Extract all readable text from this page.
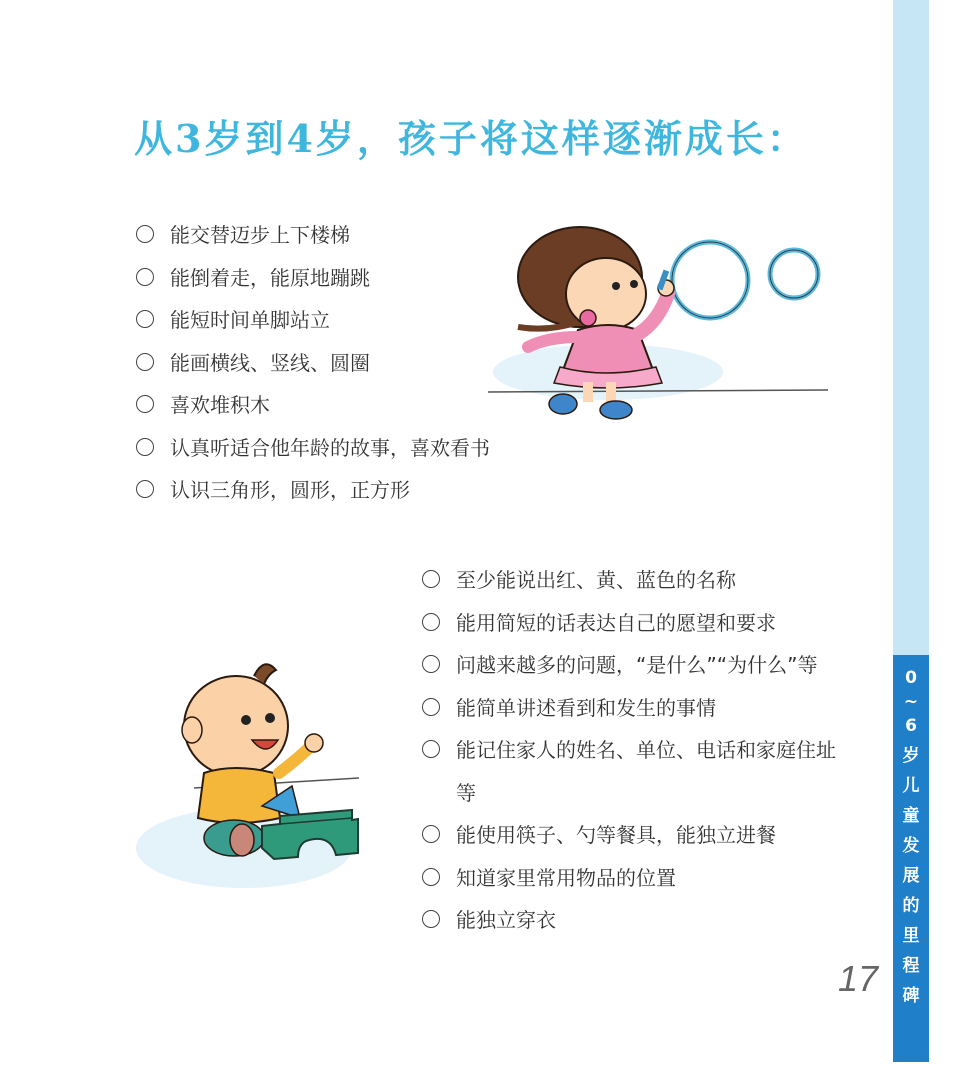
从3岁到4岁，孩子将这样逐渐成长：
能交替迈步上下楼梯
能倒着走，能原地蹦跳
能短时间单脚站立
能画横线、竖线、圆圈
喜欢堆积木
认真听适合他年龄的故事，喜欢看书
认识三角形，圆形，正方形
至少能说出红、黄、蓝色的名称
能用简短的话表达自己的愿望和要求
问越来越多的问题，“是什么”“为什么”等
能简单讲述看到和发生的事情
能记住家人的姓名、单位、电话和家庭住址等
能使用筷子、勺等餐具，能独立进餐
知道家里常用物品的位置
能独立穿衣
0
~
6
岁
儿
童
发
展
的
里
程
碑
17
